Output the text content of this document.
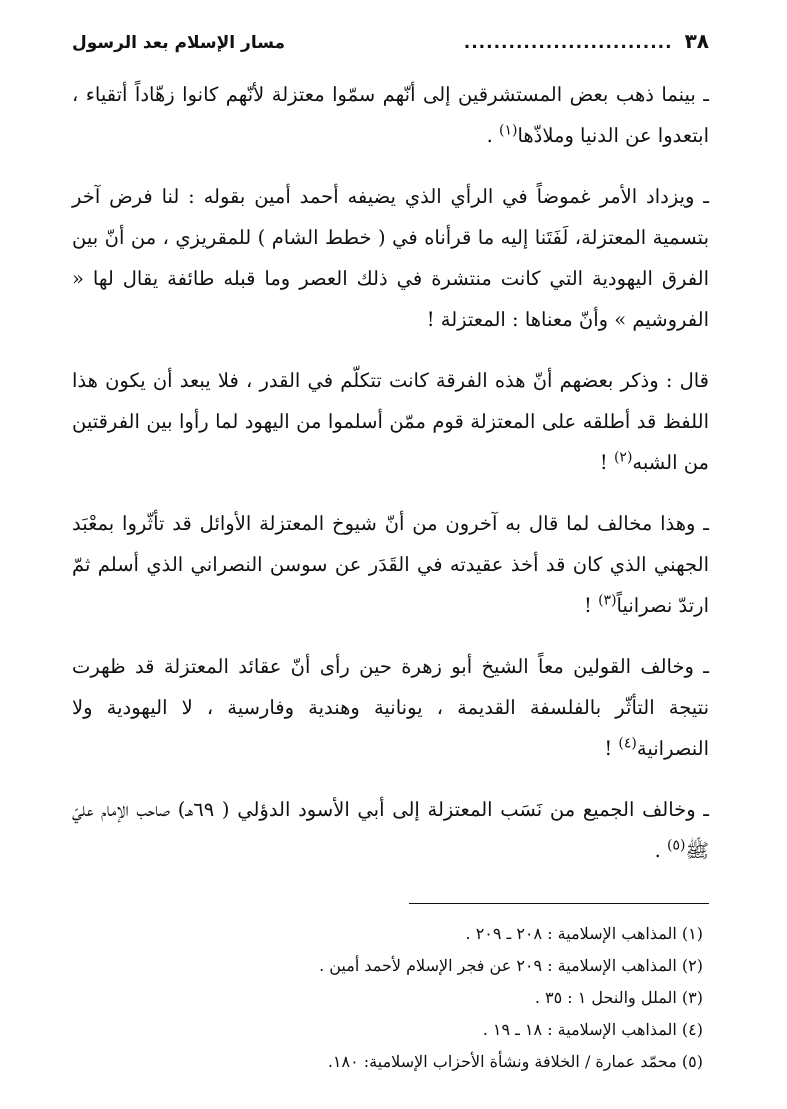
٣٨
............................
مسار الإسلام بعد الرسول

ـ بينما ذهب بعض المستشرقين إلى أنّهم سمّوا معتزلة لأنّهم كانوا زهّاداً أتقياء ، ابتعدوا عن الدنيا وملاذّها$^{(١)}$ .

ـ ويزداد الأمر غموضاً في الرأي الذي يضيفه أحمد أمين بقوله : لنا فرض آخر بتسمية المعتزلة، لَفَتَنا إليه ما قرأناه في ( خطط الشام ) للمقريزي ، من أنّ بين الفرق اليهودية التي كانت منتشرة في ذلك العصر وما قبله طائفة يقال لها « الفروشيم » وأنّ معناها : المعتزلة !

قال : وذكر بعضهم أنّ هذه الفرقة كانت تتكلّم في القدر ، فلا يبعد أن يكون هذا اللفظ قد أطلقه على المعتزلة قوم ممّن أسلموا من اليهود لما رأوا بين الفرقتين من الشبه$^{(٢)}$ !

ـ وهذا مخالف لما قال به آخرون من أنّ شيوخ المعتزلة الأوائل قد تأثّروا بمعْبَد الجهني الذي كان قد أخذ عقيدته في القَدَر عن سوسن النصراني الذي أسلم ثمّ ارتدّ نصرانياً$^{(٣)}$ !

ـ وخالف القولين معاً الشيخ أبو زهرة حين رأى أنّ عقائد المعتزلة قد ظهرت نتيجة التأثّر بالفلسفة القديمة ، يونانية وهندية وفارسية ، لا اليهودية ولا النصرانية$^{(٤)}$ !

ـ وخالف الجميع من نَسَب المعتزلة إلى أبي الأسود الدؤلي ( ٦٩هـ) صاحب الإمام عليّ ﷺ$^{(٥)}$ .

(١) المذاهب الإسلامية : ٢٠٨ ـ ٢٠٩ .

(٢) المذاهب الإسلامية : ٢٠٩ عن فجر الإسلام لأحمد أمين .

(٣) الملل والنحل ١ : ٣٥ .

(٤) المذاهب الإسلامية : ١٨ ـ ١٩ .

(٥) محمّد عمارة / الخلافة ونشأة الأحزاب الإسلامية: ١٨٠.
